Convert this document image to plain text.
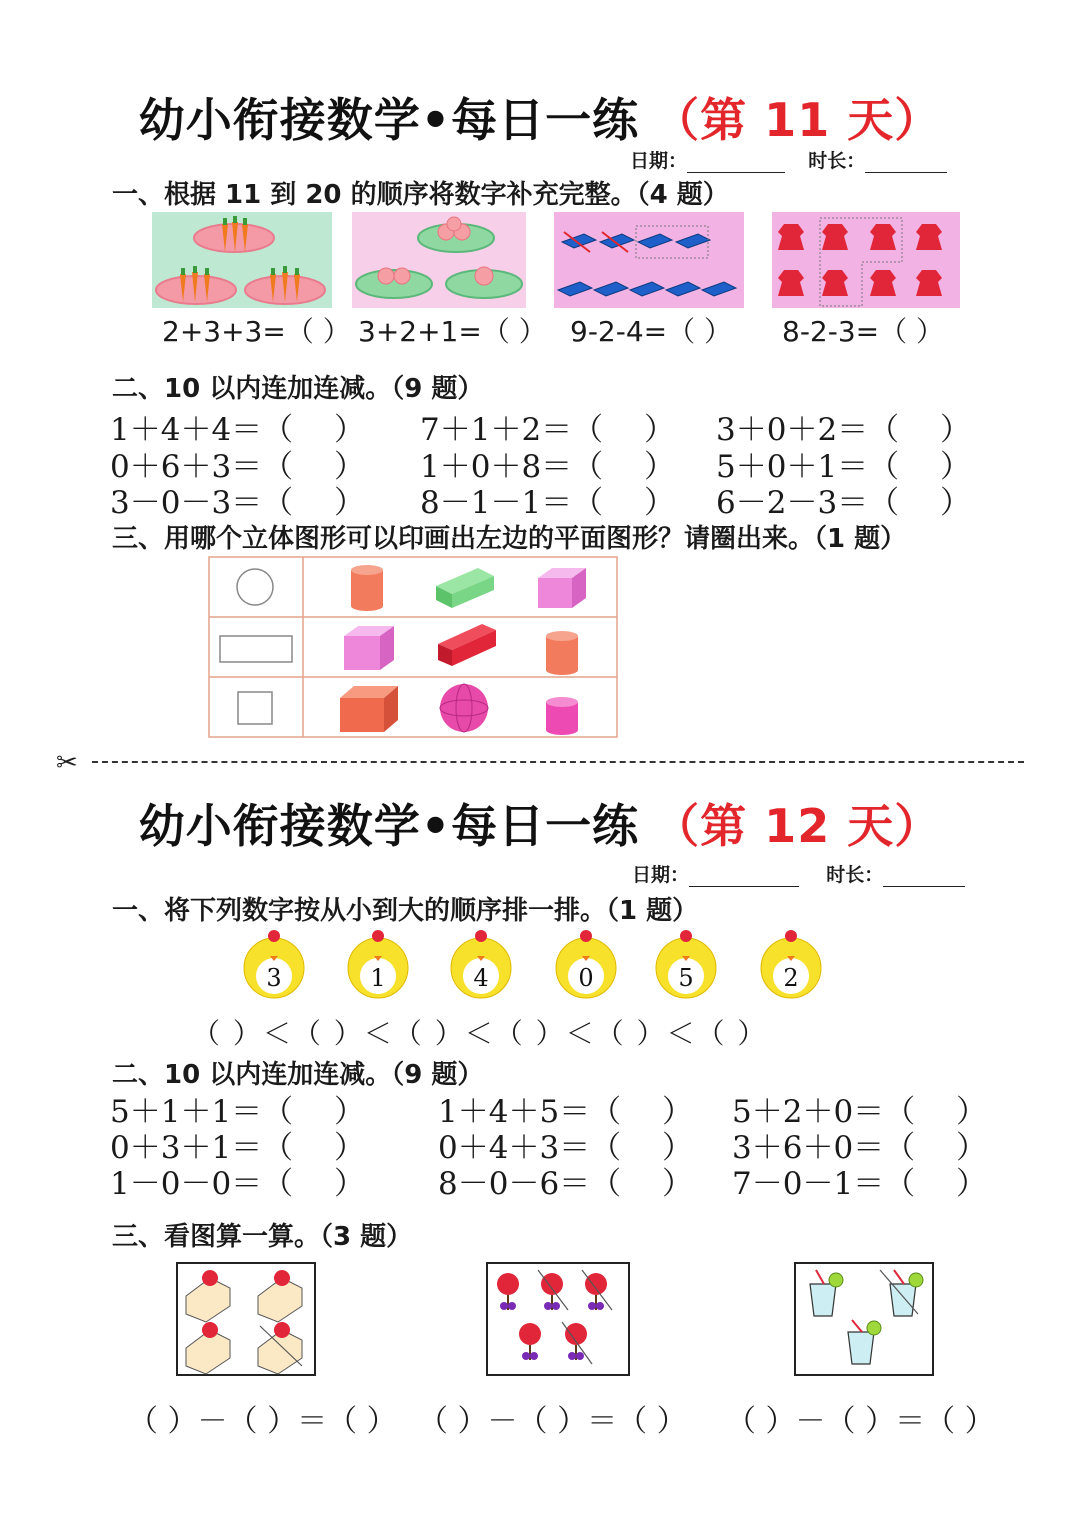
幼小衔接数学•每日一练 （第 11 天）
日期：	时长：
一、根据 11 到 20 的顺序将数字补充完整。（4 题）
2+3+3=（ ） 3+2+1=（ ） 9-2-4=（ ） 8-2-3=（ ）
二、10 以内连加连减。（9 题）
1＋4＋4＝（　 ） 7＋1＋2＝（　 ） 3＋0＋2＝（　 ）
0＋6＋3＝（　 ） 1＋0＋8＝（　 ） 5＋0＋1＝（　 ）
3－0－3＝（　 ） 8－1－1＝（　 ） 6－2－3＝（　 ）
三、用哪个立体图形可以印画出左边的平面图形？请圈出来。（1 题）
✂
幼小衔接数学•每日一练 （第 12 天）
日期：	时长：
一、将下列数字按从小到大的顺序排一排。（1 题）
3	1	4	0	5	2
（ ）＜（ ）＜（ ）＜（ ）＜（ ）＜（ ）
二、10 以内连加连减。（9 题）
5＋1＋1＝（　 ） 1＋4＋5＝（　 ） 5＋2＋0＝（　 ）
0＋3＋1＝（　 ） 0＋4＋3＝（　 ） 3＋6＋0＝（　 ）
1－0－0＝（　 ） 8－0－6＝（　 ） 7－0－1＝（　 ）
三、看图算一算。（3 题）
（ ）－（ ）＝（ ） （ ）－（ ）＝（ ） （ ）－（ ）＝（ ）
